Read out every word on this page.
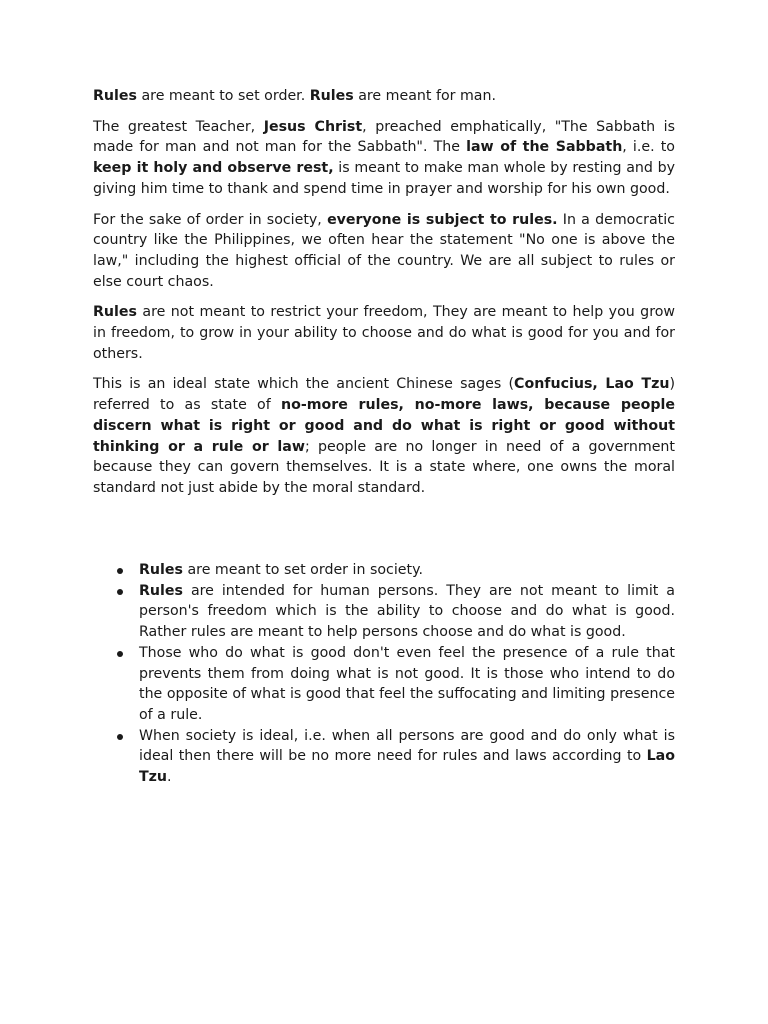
Rules are meant to set order. Rules are meant for man.

The greatest Teacher, Jesus Christ, preached emphatically, "The Sabbath is made for man and not man for the Sabbath". The law of the Sabbath, i.e. to keep it holy and observe rest, is meant to make man whole by resting and by giving him time to thank and spend time in prayer and worship for his own good.

For the sake of order in society, everyone is subject to rules. In a democratic country like the Philippines, we often hear the statement "No one is above the law," including the highest official of the country. We are all subject to rules or else court chaos.

Rules are not meant to restrict your freedom, They are meant to help you grow in freedom, to grow in your ability to choose and do what is good for you and for others.

This is an ideal state which the ancient Chinese sages (Confucius, Lao Tzu) referred to as state of no-more rules, no-more laws, because people discern what is right or good and do what is right or good without thinking or a rule or law; people are no longer in need of a government because they can govern themselves. It is a state where, one owns the moral standard not just abide by the moral standard.

Rules are meant to set order in society.
Rules are intended for human persons. They are not meant to limit a person's freedom which is the ability to choose and do what is good. Rather rules are meant to help persons choose and do what is good.
Those who do what is good don't even feel the presence of a rule that prevents them from doing what is not good. It is those who intend to do the opposite of what is good that feel the suffocating and limiting presence of a rule.
When society is ideal, i.e. when all persons are good and do only what is ideal then there will be no more need for rules and laws according to Lao Tzu.
